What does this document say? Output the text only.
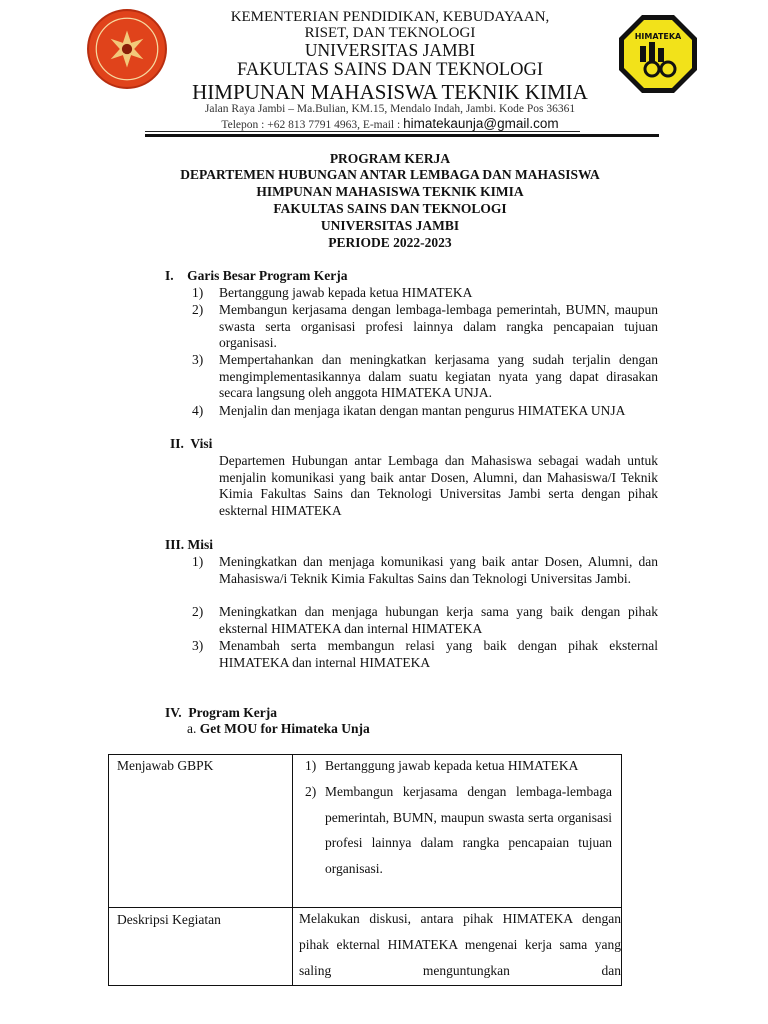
KEMENTERIAN PENDIDIKAN, KEBUDAYAAN,
RISET, DAN TEKNOLOGI
UNIVERSITAS JAMBI
FAKULTAS SAINS DAN TEKNOLOGI
HIMPUNAN MAHASISWA TEKNIK KIMIA
Jalan Raya Jambi – Ma.Bulian, KM.15, Mendalo Indah, Jambi. Kode Pos 36361
Telepon : +62 813 7791 4963, E-mail : himatekaunja@gmail.com
HIMATEKA
PROGRAM KERJA
DEPARTEMEN HUBUNGAN ANTAR LEMBAGA DAN MAHASISWA
HIMPUNAN MAHASISWA TEKNIK KIMIA
FAKULTAS SAINS DAN TEKNOLOGI
UNIVERSITAS JAMBI
PERIODE 2022-2023
I.    Garis Besar Program Kerja
1) Bertanggung jawab kepada ketua HIMATEKA
2) Membangun kerjasama dengan lembaga-lembaga pemerintah, BUMN, maupun swasta serta organisasi profesi lainnya dalam rangka pencapaian tujuan organisasi.
3) Mempertahankan dan meningkatkan kerjasama yang sudah terjalin dengan mengimplementasikannya dalam suatu kegiatan nyata yang dapat dirasakan secara langsung oleh anggota HIMATEKA UNJA.
4) Menjalin dan menjaga ikatan dengan mantan pengurus HIMATEKA UNJA
II.  Visi
Departemen Hubungan antar Lembaga dan Mahasiswa sebagai wadah untuk menjalin komunikasi yang baik antar Dosen, Alumni, dan Mahasiswa/I Teknik Kimia Fakultas Sains dan Teknologi Universitas Jambi serta dengan pihak eskternal HIMATEKA
III. Misi
1) Meningkatkan dan menjaga komunikasi yang baik antar Dosen, Alumni, dan Mahasiswa/i Teknik Kimia Fakultas Sains dan Teknologi Universitas Jambi.
2) Meningkatkan dan menjaga hubungan kerja sama yang baik dengan pihak eksternal HIMATEKA dan internal HIMATEKA
3) Menambah serta membangun relasi yang baik dengan pihak eksternal HIMATEKA dan internal HIMATEKA
IV.  Program Kerja
a. Get MOU for Himateka Unja
Menjawab GBPK	1) Bertanggung jawab kepada ketua HIMATEKA
2) Membangun kerjasama dengan lembaga-lembaga pemerintah, BUMN, maupun swasta serta organisasi profesi lainnya dalam rangka pencapaian tujuan organisasi.
Deskripsi Kegiatan	Melakukan diskusi, antara pihak HIMATEKA dengan pihak ekternal HIMATEKA mengenai kerja sama yang saling menguntungkan dan
